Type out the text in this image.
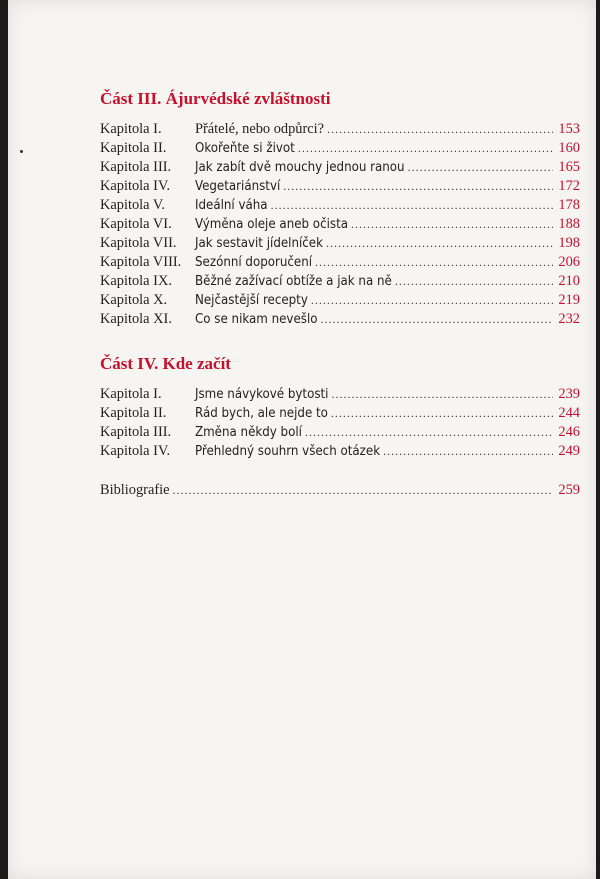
Část III. Ájurvédské zvláštnosti
Kapitola I.	Přátelé, nebo odpůrci? .....	153
Kapitola II.	Okořeňte si život .....	160
Kapitola III.	Jak zabít dvě mouchy jednou ranou .....	165
Kapitola IV.	Vegetariánství .....	172
Kapitola V.	Ideální váha .....	178
Kapitola VI.	Výměna oleje aneb očista .....	188
Kapitola VII.	Jak sestavit jídelníček .....	198
Kapitola VIII.	Sezónní doporučení .....	206
Kapitola IX.	Běžné zažívací obtíže a jak na ně .....	210
Kapitola X.	Nejčastější recepty .....	219
Kapitola XI.	Co se nikam nevešlo .....	232
Část IV. Kde začít
Kapitola I.	Jsme návykové bytosti .....	239
Kapitola II.	Rád bych, ale nejde to .....	244
Kapitola III.	Změna někdy bolí .....	246
Kapitola IV.	Přehledný souhrn všech otázek .....	249
Bibliografie .....	259
